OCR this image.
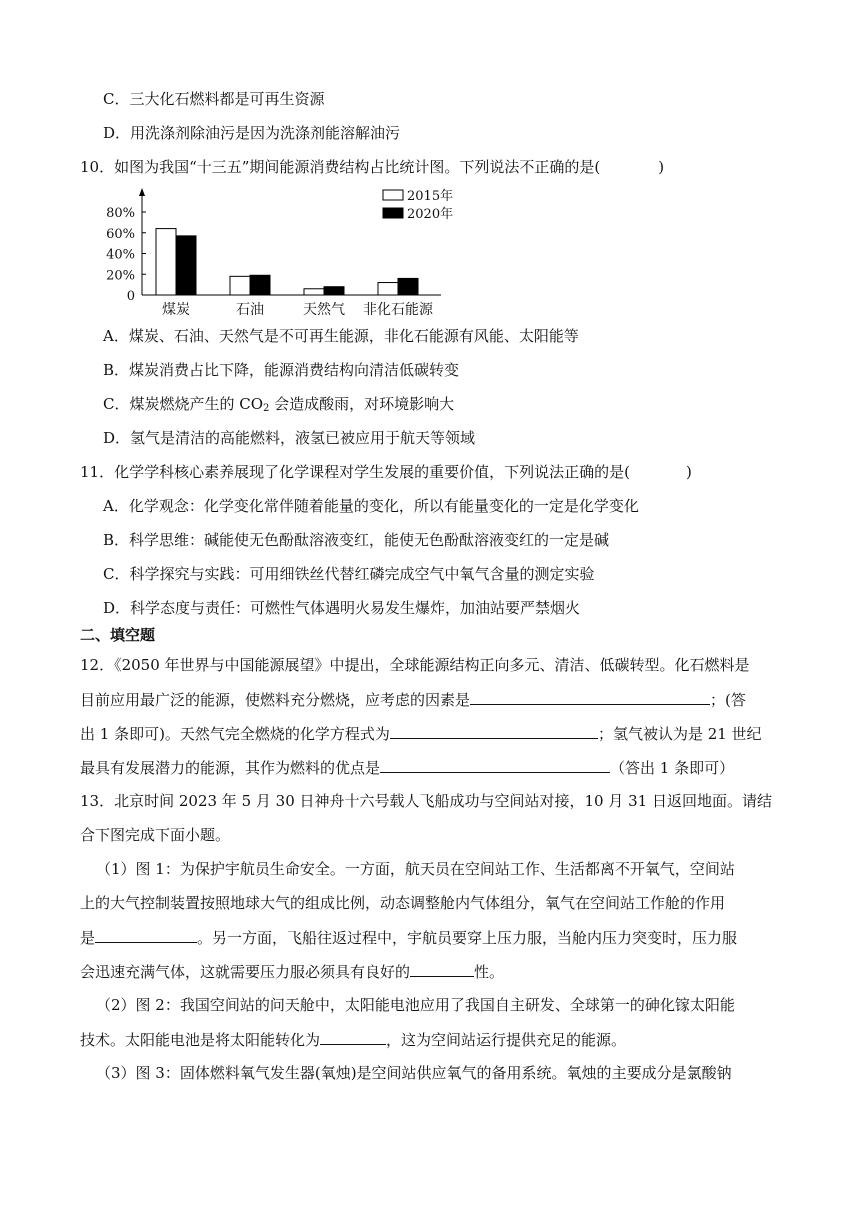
C．三大化石燃料都是可再生资源
D．用洗涤剂除油污是因为洗涤剂能溶解油污
10．如图为我国“十三五”期间能源消费结构占比统计图。下列说法不正确的是(	)
80%
60%
40%
20%
0
煤炭	石油	天然气 非化石能源
2015年
2020年
A．煤炭、石油、天然气是不可再生能源，非化石能源有风能、太阳能等
B．煤炭消费占比下降，能源消费结构向清洁低碳转变
C．煤炭燃烧产生的 $CO_2$ 会造成酸雨，对环境影响大
D．氢气是清洁的高能燃料，液氢已被应用于航天等领域
11．化学学科核心素养展现了化学课程对学生发展的重要价值，下列说法正确的是(	)
A．化学观念：化学变化常伴随着能量的变化，所以有能量变化的一定是化学变化
B．科学思维：碱能使无色酚酞溶液变红，能使无色酚酞溶液变红的一定是碱
C．科学探究与实践：可用细铁丝代替红磷完成空气中氧气含量的测定实验
D．科学态度与责任：可燃性气体遇明火易发生爆炸，加油站要严禁烟火
二、填空题
12．《2050 年世界与中国能源展望》中提出，全球能源结构正向多元、清洁、低碳转型。化石燃料是
目前应用最广泛的能源，使燃料充分燃烧，应考虑的因素是	；(答
出 1 条即可)。天然气完全燃烧的化学方程式为	；氢气被认为是 21 世纪
最具有发展潜力的能源，其作为燃料的优点是	（答出 1 条即可）
13．北京时间 2023 年 5 月 30 日神舟十六号载人飞船成功与空间站对接，10 月 31 日返回地面。请结
合下图完成下面小题。
（1）图 1：为保护宇航员生命安全。一方面，航天员在空间站工作、生活都离不开氧气，空间站
上的大气控制装置按照地球大气的组成比例，动态调整舱内气体组分，氧气在空间站工作舱的作用
是	。另一方面，飞船往返过程中，宇航员要穿上压力服，当舱内压力突变时，压力服
会迅速充满气体，这就需要压力服必须具有良好的	性。
（2）图 2：我国空间站的问天舱中，太阳能电池应用了我国自主研发、全球第一的砷化镓太阳能
技术。太阳能电池是将太阳能转化为	，这为空间站运行提供充足的能源。
（3）图 3：固体燃料氧气发生器(氧烛)是空间站供应氧气的备用系统。氧烛的主要成分是氯酸钠
